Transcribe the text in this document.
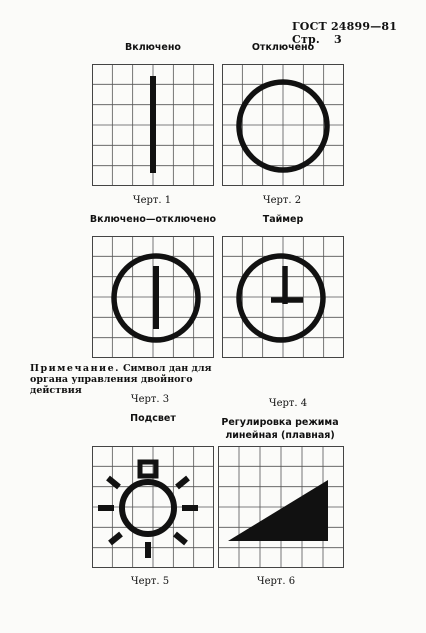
ГОСТ 24899—81 Стр. 3
Включено	Отключено
Включено—отключено	Таймер
Подсвет	Регулировка режима линейная (плавная)
Черт. 1	Черт. 2
Черт. 3	Черт. 4
Черт. 5	Черт. 6
Примечание. Символ дан для органа управления двойного действия
